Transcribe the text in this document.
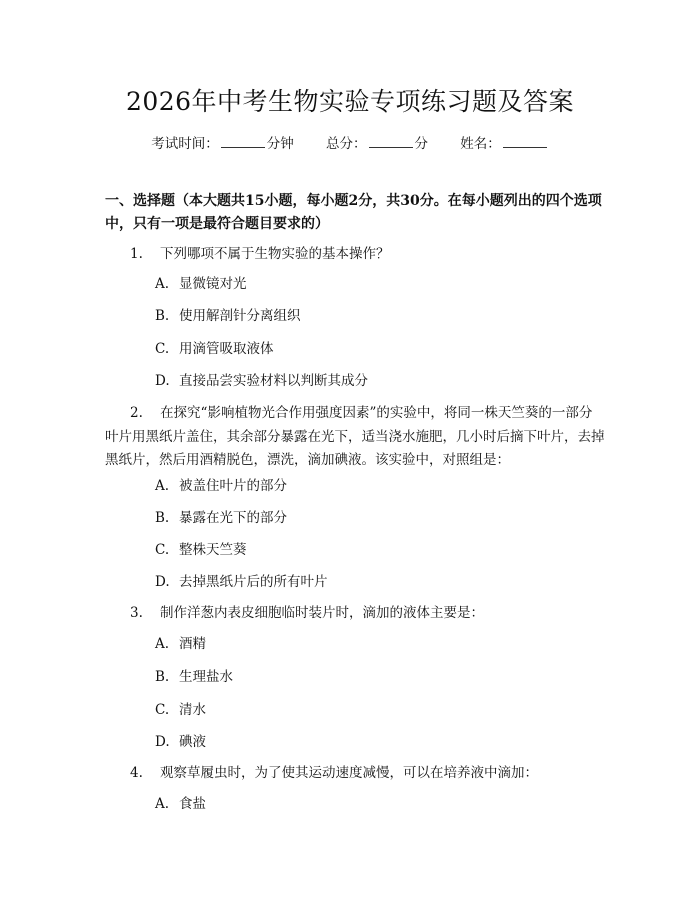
2026年中考生物实验专项练习题及答案
考试时间：	分钟 总分：	分 姓名：
一、选择题（本大题共15小题，每小题2分，共30分。在每小题列出的四个选项中，只有一项是最符合题目要求的）
1. 下列哪项不属于生物实验的基本操作？
A. 显微镜对光
B. 使用解剖针分离组织
C. 用滴管吸取液体
D. 直接品尝实验材料以判断其成分
2. 在探究“影响植物光合作用强度因素”的实验中，将同一株天竺葵的一部分叶片用黑纸片盖住，其余部分暴露在光下，适当浇水施肥，几小时后摘下叶片，去掉黑纸片，然后用酒精脱色，漂洗，滴加碘液。该实验中，对照组是：
A. 被盖住叶片的部分
B. 暴露在光下的部分
C. 整株天竺葵
D. 去掉黑纸片后的所有叶片
3. 制作洋葱内表皮细胞临时装片时，滴加的液体主要是：
A. 酒精
B. 生理盐水
C. 清水
D. 碘液
4. 观察草履虫时，为了使其运动速度减慢，可以在培养液中滴加：
A. 食盐
